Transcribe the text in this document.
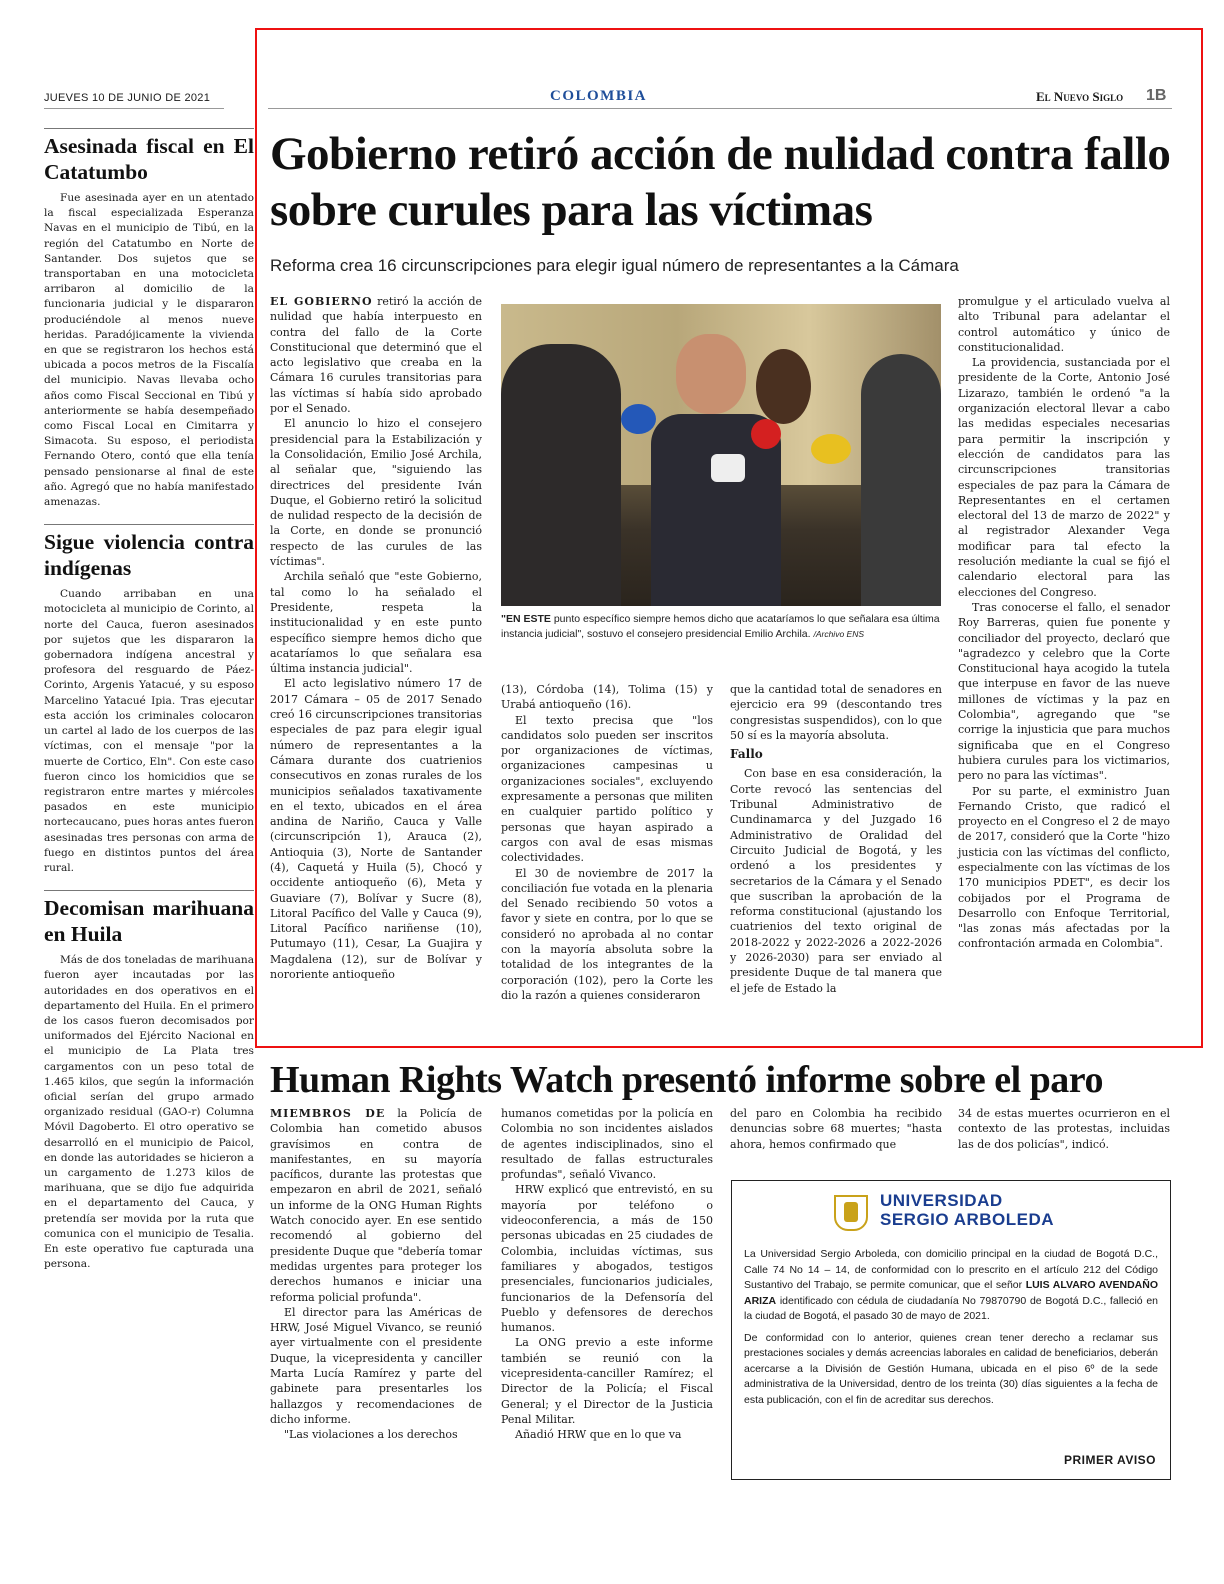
JUEVES 10 DE JUNIO DE 2021	COLOMBIA	El Nuevo Siglo 1B
Asesinada fiscal en El Catatumbo

Fue asesinada ayer en un atentado la fiscal especializada Esperanza Navas en el municipio de Tibú, en la región del Catatumbo en Norte de Santander. Dos sujetos que se transportaban en una motocicleta arribaron al domicilio de la funcionaria judicial y le dispararon produciéndole al menos nueve heridas. Paradójicamente la vivienda en que se registraron los hechos está ubicada a pocos metros de la Fiscalía del municipio. Navas llevaba ocho años como Fiscal Seccional en Tibú y anteriormente se había desempeñado como Fiscal Local en Cimitarra y Simacota. Su esposo, el periodista Fernando Otero, contó que ella tenía pensado pensionarse al final de este año. Agregó que no había manifestado amenazas.

Sigue violencia contra indígenas

Cuando arribaban en una motocicleta al municipio de Corinto, al norte del Cauca, fueron asesinados por sujetos que les dispararon la gobernadora indígena ancestral y profesora del resguardo de Páez-Corinto, Argenis Yatacué, y su esposo Marcelino Yatacué Ipia. Tras ejecutar esta acción los criminales colocaron un cartel al lado de los cuerpos de las víctimas, con el mensaje "por la muerte de Cortico, Eln". Con este caso fueron cinco los homicidios que se registraron entre martes y miércoles pasados en este municipio nortecaucano, pues horas antes fueron asesinadas tres personas con arma de fuego en distintos puntos del área rural.

Decomisan marihuana en Huila

Más de dos toneladas de marihuana fueron ayer incautadas por las autoridades en dos operativos en el departamento del Huila. En el primero de los casos fueron decomisados por uniformados del Ejército Nacional en el municipio de La Plata tres cargamentos con un peso total de 1.465 kilos, que según la información oficial serían del grupo armado organizado residual (GAO-r) Columna Móvil Dagoberto. El otro operativo se desarrolló en el municipio de Paicol, en donde las autoridades se hicieron a un cargamento de 1.273 kilos de marihuana, que se dijo fue adquirida en el departamento del Cauca, y pretendía ser movida por la ruta que comunica con el municipio de Tesalia. En este operativo fue capturada una persona.

Gobierno retiró acción de nulidad contra fallo sobre curules para las víctimas
Reforma crea 16 circunscripciones para elegir igual número de representantes a la Cámara

EL GOBIERNO retiró la acción de nulidad que había interpuesto en contra del fallo de la Corte Constitucional que determinó que el acto legislativo que creaba en la Cámara 16 curules transitorias para las víctimas sí había sido aprobado por el Senado.

El anuncio lo hizo el consejero presidencial para la Estabilización y la Consolidación, Emilio José Archila, al señalar que, "siguiendo las directrices del presidente Iván Duque, el Gobierno retiró la solicitud de nulidad respecto de la decisión de la Corte, en donde se pronunció respecto de las curules de las víctimas".

Archila señaló que "este Gobierno, tal como lo ha señalado el Presidente, respeta la institucionalidad y en este punto específico siempre hemos dicho que acataríamos lo que señalara esa última instancia judicial".

El acto legislativo número 17 de 2017 Cámara – 05 de 2017 Senado creó 16 circunscripciones transitorias especiales de paz para elegir igual número de representantes a la Cámara durante dos cuatrienios consecutivos en zonas rurales de los municipios señalados taxativamente en el texto, ubicados en el área andina de Nariño, Cauca y Valle (circunscripción 1), Arauca (2), Antioquia (3), Norte de Santander (4), Caquetá y Huila (5), Chocó y occidente antioqueño (6), Meta y Guaviare (7), Bolívar y Sucre (8), Litoral Pacífico del Valle y Cauca (9), Litoral Pacífico nariñense (10), Putumayo (11), Cesar, La Guajira y Magdalena (12), sur de Bolívar y nororiente antioqueño

"EN ESTE punto específico siempre hemos dicho que acataríamos lo que señalara esa última instancia judicial", sostuvo el consejero presidencial Emilio Archila. /Archivo ENS

(13), Córdoba (14), Tolima (15) y Urabá antioqueño (16).

El texto precisa que "los candidatos solo pueden ser inscritos por organizaciones de víctimas, organizaciones campesinas u organizaciones sociales", excluyendo expresamente a personas que militen en cualquier partido político y personas que hayan aspirado a cargos con aval de esas mismas colectividades.

El 30 de noviembre de 2017 la conciliación fue votada en la plenaria del Senado recibiendo 50 votos a favor y siete en contra, por lo que se consideró no aprobada al no contar con la mayoría absoluta sobre la totalidad de los integrantes de la corporación (102), pero la Corte les dio la razón a quienes consideraron

que la cantidad total de senadores en ejercicio era 99 (descontando tres congresistas suspendidos), con lo que 50 sí es la mayoría absoluta.

Fallo

Con base en esa consideración, la Corte revocó las sentencias del Tribunal Administrativo de Cundinamarca y del Juzgado 16 Administrativo de Oralidad del Circuito Judicial de Bogotá, y les ordenó a los presidentes y secretarios de la Cámara y el Senado que suscriban la aprobación de la reforma constitucional (ajustando los cuatrienios del texto original de 2018-2022 y 2022-2026 a 2022-2026 y 2026-2030) para ser enviado al presidente Duque de tal manera que el jefe de Estado la

promulgue y el articulado vuelva al alto Tribunal para adelantar el control automático y único de constitucionalidad.

La providencia, sustanciada por el presidente de la Corte, Antonio José Lizarazo, también le ordenó "a la organización electoral llevar a cabo las medidas especiales necesarias para permitir la inscripción y elección de candidatos para las circunscripciones transitorias especiales de paz para la Cámara de Representantes en el certamen electoral del 13 de marzo de 2022" y al registrador Alexander Vega modificar para tal efecto la resolución mediante la cual se fijó el calendario electoral para las elecciones del Congreso.

Tras conocerse el fallo, el senador Roy Barreras, quien fue ponente y conciliador del proyecto, declaró que "agradezco y celebro que la Corte Constitucional haya acogido la tutela que interpuse en favor de las nueve millones de víctimas y la paz en Colombia", agregando que "se corrige la injusticia que para muchos significaba que en el Congreso hubiera curules para los victimarios, pero no para las víctimas".

Por su parte, el exministro Juan Fernando Cristo, que radicó el proyecto en el Congreso el 2 de mayo de 2017, consideró que la Corte "hizo justicia con las víctimas del conflicto, especialmente con las víctimas de los 170 municipios PDET", es decir los cobijados por el Programa de Desarrollo con Enfoque Territorial, "las zonas más afectadas por la confrontación armada en Colombia".

Human Rights Watch presentó informe sobre el paro

MIEMBROS DE la Policía de Colombia han cometido abusos gravísimos en contra de manifestantes, en su mayoría pacíficos, durante las protestas que empezaron en abril de 2021, señaló un informe de la ONG Human Rights Watch conocido ayer. En ese sentido recomendó al gobierno del presidente Duque que "debería tomar medidas urgentes para proteger los derechos humanos e iniciar una reforma policial profunda".

El director para las Américas de HRW, José Miguel Vivanco, se reunió ayer virtualmente con el presidente Duque, la vicepresidenta y canciller Marta Lucía Ramírez y parte del gabinete para presentarles los hallazgos y recomendaciones de dicho informe.

"Las violaciones a los derechos

humanos cometidas por la policía en Colombia no son incidentes aislados de agentes indisciplinados, sino el resultado de fallas estructurales profundas", señaló Vivanco.

HRW explicó que entrevistó, en su mayoría por teléfono o videoconferencia, a más de 150 personas ubicadas en 25 ciudades de Colombia, incluidas víctimas, sus familiares y abogados, testigos presenciales, funcionarios judiciales, funcionarios de la Defensoría del Pueblo y defensores de derechos humanos.

La ONG previo a este informe también se reunió con la vicepresidenta-canciller Ramírez; el Director de la Policía; el Fiscal General; y el Director de la Justicia Penal Militar.

Añadió HRW que en lo que va

del paro en Colombia ha recibido denuncias sobre 68 muertes; "hasta ahora, hemos confirmado que

34 de estas muertes ocurrieron en el contexto de las protestas, incluidas las de dos policías", indicó.

UNIVERSIDAD
SERGIO ARBOLEDA

La Universidad Sergio Arboleda, con domicilio principal en la ciudad de Bogotá D.C., Calle 74 No 14 – 14, de conformidad con lo prescrito en el artículo 212 del Código Sustantivo del Trabajo, se permite comunicar, que el señor LUIS ALVARO AVENDAÑO ARIZA identificado con cédula de ciudadanía No 79870790 de Bogotá D.C., falleció en la ciudad de Bogotá, el pasado 30 de mayo de 2021.

De conformidad con lo anterior, quienes crean tener derecho a reclamar sus prestaciones sociales y demás acreencias laborales en calidad de beneficiarios, deberán acercarse a la División de Gestión Humana, ubicada en el piso 6º de la sede administrativa de la Universidad, dentro de los treinta (30) días siguientes a la fecha de esta publicación, con el fin de acreditar sus derechos.

PRIMER AVISO
